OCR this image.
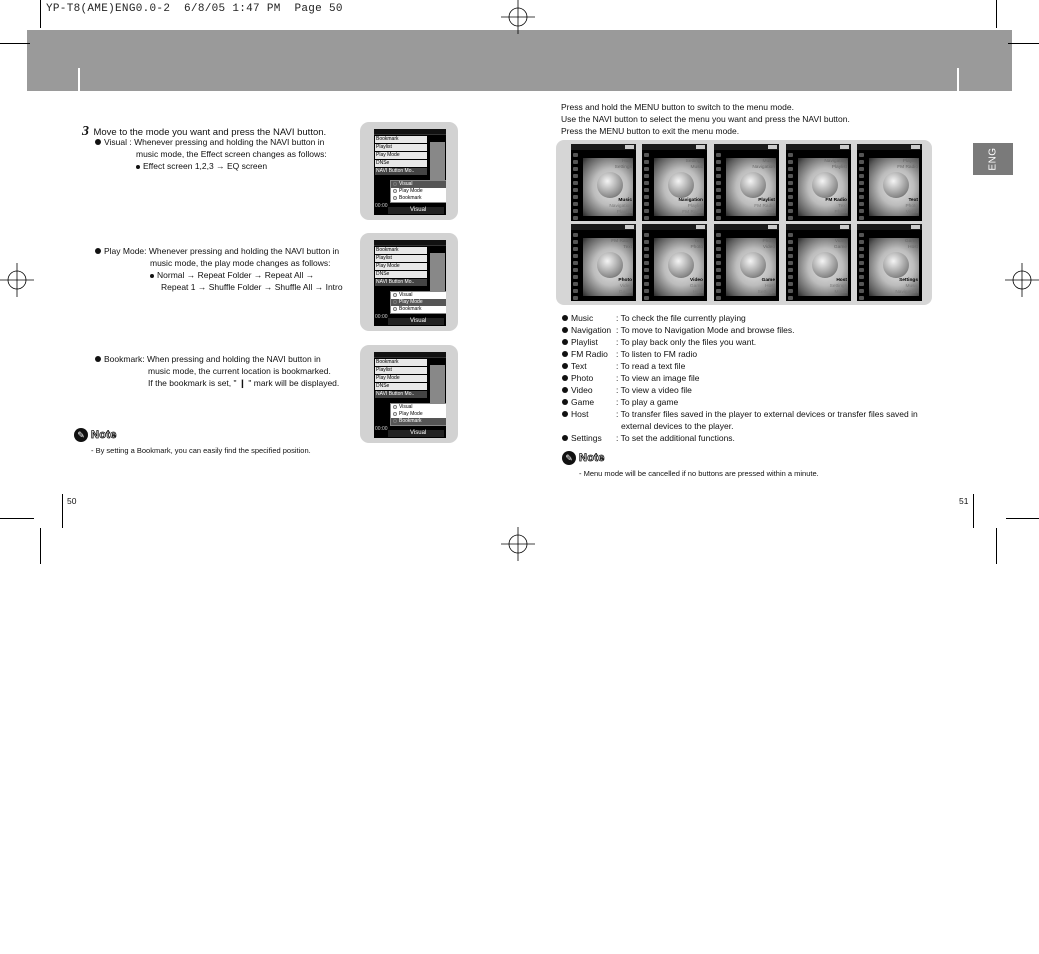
YP-T8(AME)ENG0.0-2  6/8/05 1:47 PM  Page 50
3 Move to the mode you want and press the NAVI button.
Visual : Whenever pressing and holding the NAVI button in
music mode, the Effect screen changes as follows:
Effect screen 1,2,3 → EQ screen
Play Mode: Whenever pressing and holding the NAVI button in
music mode, the play mode changes as follows:
Normal → Repeat Folder → Repeat All →
Repeat 1 → Shuffle Folder → Shuffle All → Intro
Bookmark: When pressing and holding the NAVI button in
music mode, the current location is bookmarked.
If the bookmark is set, " ❙ " mark will be displayed.
✎ Note
- By setting a Bookmark, you can easily find the specified position.
50
Bookmark
Playlist
Play Mode
DNSe
NAVI Button Mo..
00:00
Visual
Play Mode
Bookmark
Visual
Bookmark
Playlist
Play Mode
DNSe
NAVI Button Mo..
00:00
Visual
Play Mode
Bookmark
Visual
Bookmark
Playlist
Play Mode
DNSe
NAVI Button Mo..
00:00
Visual
Play Mode
Bookmark
Visual
Press and hold the MENU button to switch to the menu mode.
Use the NAVI button to select the menu you want and press the NAVI button.
Press the MENU button to exit the menu mode.
Host
Settings
Music
Navigation
Playlist
Settings
Music
Navigation
Playlist
FM Radio
Music
Navigation
Playlist
FM Radio
Text
Navigation
Playlist
FM Radio
Text
Photo
Playlist
FM Radio
Text
Photo
Video
FM Radio
Text
Photo
Video
Game
Text
Photo
Video
Game
Host
Photo
Video
Game
Host
Settings
Video
Game
Host
Settings
Music
Game
Host
Settings
Music
Navigation
Music	: To check the file currently playing
Navigation : To move to Navigation Mode and browse files.
Playlist : To play back only the files you want.
FM Radio : To listen to FM radio
Text	: To read a text file
Photo	: To view an image file
Video	: To view a video file
Game	: To play a game
Host	: To transfer files saved in the player to external devices or transfer files saved in
external devices to the player.
Settings : To set the additional functions.
✎ Note
- Menu mode will be cancelled if no buttons are pressed within a minute.
51
ENG
